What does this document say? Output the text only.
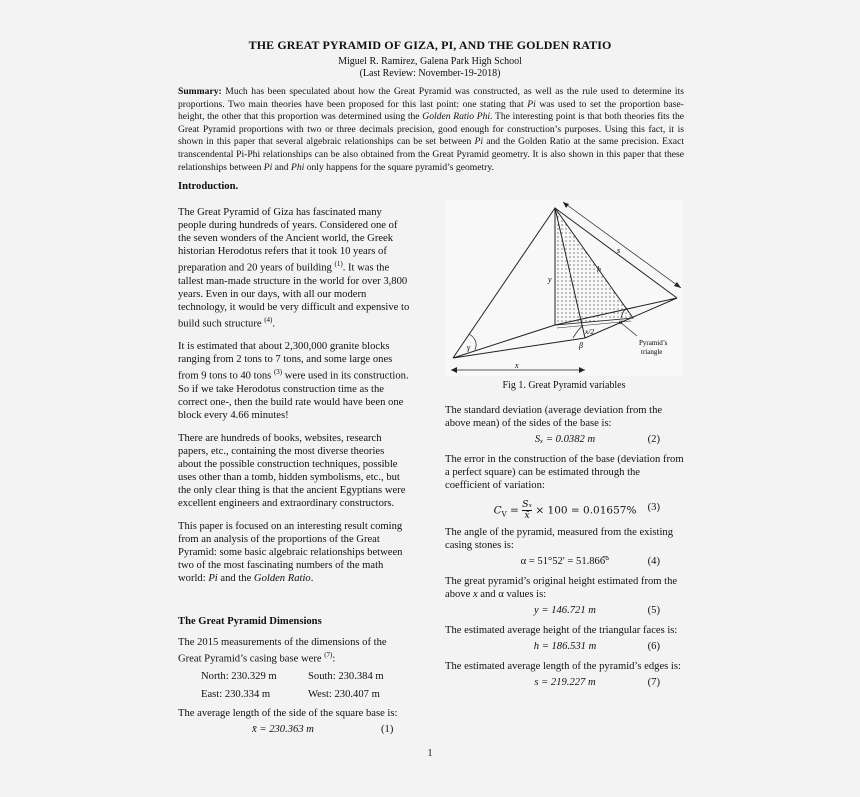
THE GREAT PYRAMID OF GIZA, PI, AND THE GOLDEN RATIO
Miguel R. Ramírez, Galena Park High School
(Last Review: November-19-2018)
Summary: Much has been speculated about how the Great Pyramid was constructed, as well as the rule used to determine its proportions. Two main theories have been proposed for this last point: one stating that Pi was used to set the proportion base-height, the other that this proportion was determined using the Golden Ratio Phi. The interesting point is that both theories fits the Great Pyramid proportions with two or three decimals precision, good enough for construction’s purposes. Using this fact, it is shown in this paper that several algebraic relationships can be set between Pi and the Golden Ratio at the same precision. Exact transcendental Pi-Phi relationships can be also obtained from the Great Pyramid geometry. It is also shown in this paper that these relationships between Pi and Phi only happens for the square pyramid’s geometry.
Introduction.

The Great Pyramid of Giza has fascinated many people during hundreds of years. Considered one of the seven wonders of the Ancient world, the Greek historian Herodotus refers that it took 10 years of preparation and 20 years of building $^{(1)}$. It was the tallest man-made structure in the world for over 3,800 years. Even in our days, with all our modern technology, it would be very difficult and expensive to build such structure $^{(4)}$.

It is estimated that about 2,300,000 granite blocks ranging from 2 tons to 7 tons, and some large ones from 9 tons to 40 tons $^{(3)}$ were used in its construction. So if we take Herodotus construction time as the correct one-, then the build rate would have been one block every 4.66 minutes!

There are hundreds of books, websites, research papers, etc., containing the most diverse theories about the possible construction techniques, possible uses other than a tomb, hidden symbolisms, etc., but the only clear thing is that the ancient Egyptians were excellent engineers and extraordinary constructors.

This paper is focused on an interesting result coming from an analysis of the proportions of the Great Pyramid: some basic algebraic relationships between two of the most fascinating numbers of the math world: Pi and the Golden Ratio.

The Great Pyramid Dimensions

The 2015 measurements of the dimensions of the Great Pyramid’s casing base were $^{(7)}$:

North: 230.329 m	South: 230.384 m
East: 230.334 m	West: 230.407 m

The average length of the side of the square base is:

x̄ = 230.363 m	(1)
s
h
y
x/2
x
α
β
γ	Pyramid’s
triangle
Fig 1. Great Pyramid variables

The standard deviation (average deviation from the above mean) of the sides of the base is:

Sₓ = 0.0382 m	(2)

The error in the construction of the base (deviation from a perfect square) can be estimated through the coefficient of variation:

$C_V = \frac{\text{Sₓ}}{x̄} \times 100 = 0.01657\%$	(3)

The angle of the pyramid, measured from the existing casing stones is:

α = 51°52' = 51.866̅°	(4)

The great pyramid’s original height estimated from the above x and α values is:

y = 146.721 m	(5)

The estimated average height of the triangular faces is:

h = 186.531 m	(6)

The estimated average length of the pyramid’s edges is:

s = 219.227 m	(7)
1
